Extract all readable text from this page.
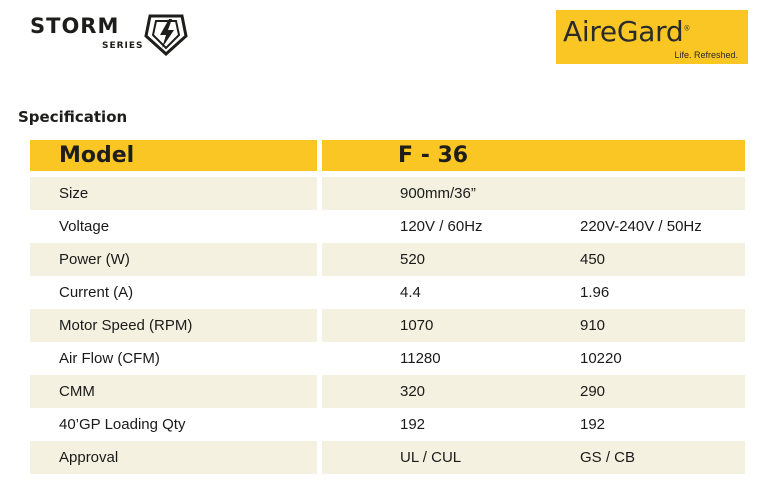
STORM
SERIES	AireGard®
Life. Refreshed.
Specification
Model	F - 36
Size	900mm/36”
Voltage	120V / 60Hz	220V-240V / 50Hz
Power (W)	520	450
Current (A)	4.4	1.96
Motor Speed (RPM)	1070	910
Air Flow (CFM)	11280	10220
CMM	320	290
40’GP Loading Qty	192	192
Approval	UL / CUL	GS / CB
